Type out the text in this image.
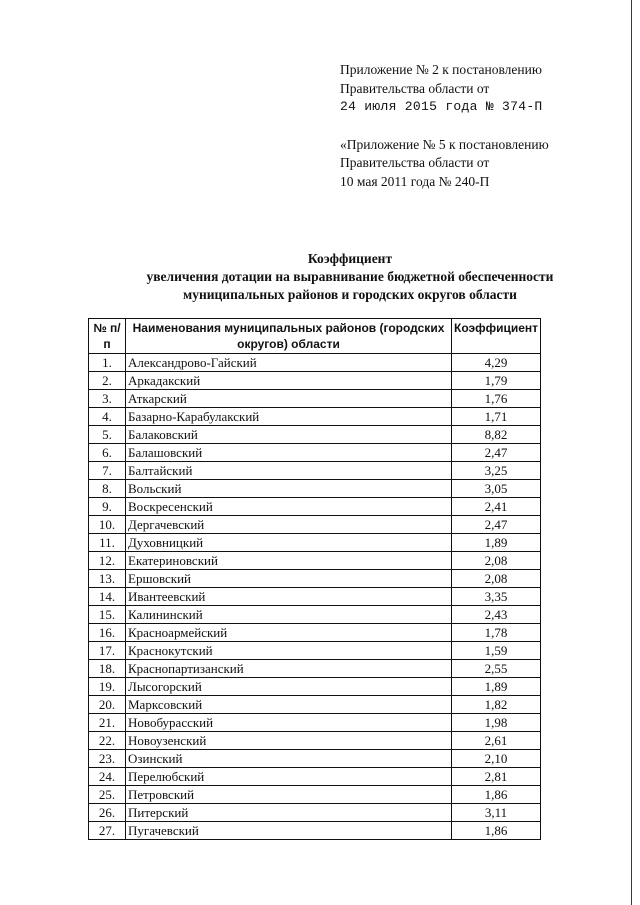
Приложение № 2 к постановлению
Правительства области от
24 июля 2015 года № 374-П
«Приложение № 5 к постановлению
Правительства области от
10 мая 2011 года № 240-П
Коэффициент
увеличения дотации на выравнивание бюджетной обеспеченности
муниципальных районов и городских округов области
№ п/п	Наименования муниципальных районов (городских округов) области	Коэффициент
1.	Александрово-Гайский	4,29
2.	Аркадакский	1,79
3.	Аткарский	1,76
4.	Базарно-Карабулакский	1,71
5.	Балаковский	8,82
6.	Балашовский	2,47
7.	Балтайский	3,25
8.	Вольский	3,05
9.	Воскресенский	2,41
10.	Дергачевский	2,47
11.	Духовницкий	1,89
12.	Екатериновский	2,08
13.	Ершовский	2,08
14.	Ивантеевский	3,35
15.	Калининский	2,43
16.	Красноармейский	1,78
17.	Краснокутский	1,59
18.	Краснопартизанский	2,55
19.	Лысогорский	1,89
20.	Марксовский	1,82
21.	Новобурасский	1,98
22.	Новоузенский	2,61
23.	Озинский	2,10
24.	Перелюбский	2,81
25.	Петровский	1,86
26.	Питерский	3,11
27.	Пугачевский	1,86
